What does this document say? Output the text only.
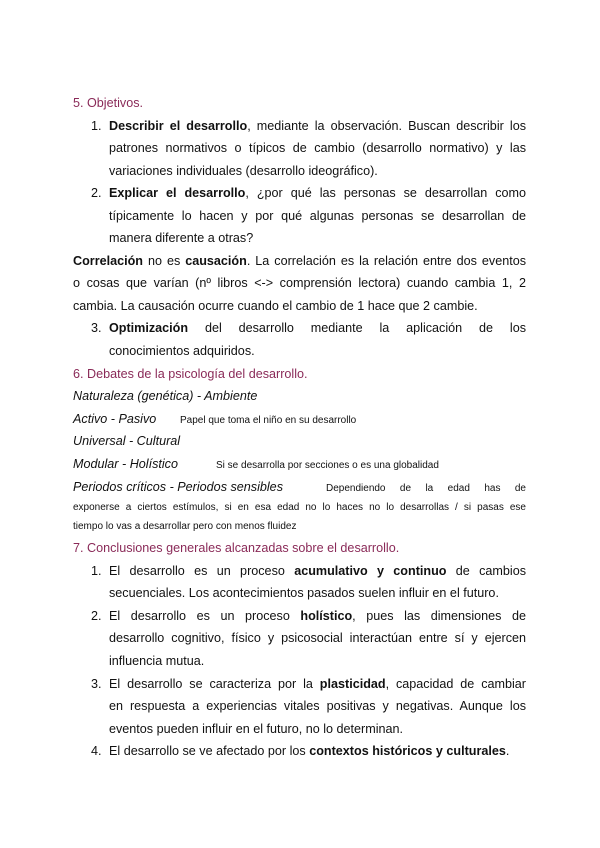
5. Objetivos.
1. Describir el desarrollo, mediante la observación. Buscan describir los
patrones normativos o típicos de cambio (desarrollo normativo) y las
variaciones individuales (desarrollo ideográfico).
2. Explicar el desarrollo, ¿por qué las personas se desarrollan como
típicamente lo hacen y por qué algunas personas se desarrollan de
manera diferente a otras?
Correlación no es causación. La correlación es la relación entre dos eventos
o cosas que varían (nº libros <-> comprensión lectora) cuando cambia 1, 2
cambia. La causación ocurre cuando el cambio de 1 hace que 2 cambie.
3. Optimización del desarrollo mediante la aplicación de los
conocimientos adquiridos.
6. Debates de la psicología del desarrollo.
Naturaleza (genética) - Ambiente
Activo - Pasivo Papel que toma el niño en su desarrollo
Universal - Cultural
Modular - Holístico	Si se desarrolla por secciones o es una globalidad
Periodos críticos - Periodos sensibles	Dependiendo de la edad has de
exponerse a ciertos estímulos, si en esa edad no lo haces no lo desarrollas / si pasas ese
tiempo lo vas a desarrollar pero con menos fluidez
7. Conclusiones generales alcanzadas sobre el desarrollo.
1. El desarrollo es un proceso acumulativo y continuo de cambios
secuenciales. Los acontecimientos pasados suelen influir en el futuro.
2. El desarrollo es un proceso holístico, pues las dimensiones de
desarrollo cognitivo, físico y psicosocial interactúan entre sí y ejercen
influencia mutua.
3. El desarrollo se caracteriza por la plasticidad, capacidad de cambiar
en respuesta a experiencias vitales positivas y negativas. Aunque los
eventos pueden influir en el futuro, no lo determinan.
4. El desarrollo se ve afectado por los contextos históricos y culturales.
